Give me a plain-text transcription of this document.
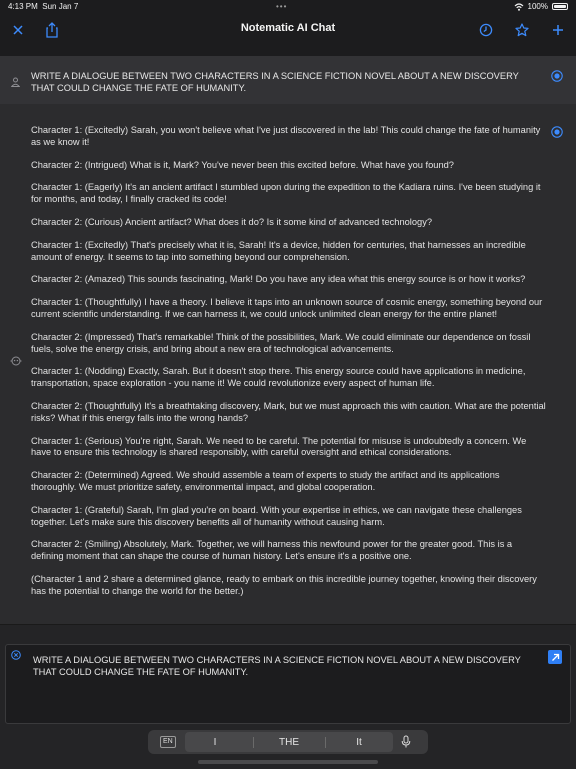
4:13 PM Sun Jan 7	•••	100%
Notematic AI Chat
WRITE A DIALOGUE BETWEEN TWO CHARACTERS IN A SCIENCE FICTION NOVEL ABOUT A NEW DISCOVERY THAT COULD CHANGE THE FATE OF HUMANITY.

Character 1: (Excitedly) Sarah, you won't believe what I've just discovered in the lab! This could change the fate of humanity as we know it!

Character 2: (Intrigued) What is it, Mark? You've never been this excited before. What have you found?

Character 1: (Eagerly) It's an ancient artifact I stumbled upon during the expedition to the Kadiara ruins. I've been studying it for months, and today, I finally cracked its code!

Character 2: (Curious) Ancient artifact? What does it do? Is it some kind of advanced technology?

Character 1: (Excitedly) That's precisely what it is, Sarah! It's a device, hidden for centuries, that harnesses an incredible amount of energy. It seems to tap into something beyond our comprehension.

Character 2: (Amazed) This sounds fascinating, Mark! Do you have any idea what this energy source is or how it works?

Character 1: (Thoughtfully) I have a theory. I believe it taps into an unknown source of cosmic energy, something beyond our current scientific understanding. If we can harness it, we could unlock unlimited clean energy for the entire planet!

Character 2: (Impressed) That's remarkable! Think of the possibilities, Mark. We could eliminate our dependence on fossil fuels, solve the energy crisis, and bring about a new era of technological advancements.

Character 1: (Nodding) Exactly, Sarah. But it doesn't stop there. This energy source could have applications in medicine, transportation, space exploration - you name it! We could revolutionize every aspect of human life.

Character 2: (Thoughtfully) It's a breathtaking discovery, Mark, but we must approach this with caution. What are the potential risks? What if this energy falls into the wrong hands?

Character 1: (Serious) You're right, Sarah. We need to be careful. The potential for misuse is undoubtedly a concern. We have to ensure this technology is shared responsibly, with careful oversight and ethical considerations.

Character 2: (Determined) Agreed. We should assemble a team of experts to study the artifact and its applications thoroughly. We must prioritize safety, environmental impact, and global cooperation.

Character 1: (Grateful) Sarah, I'm glad you're on board. With your expertise in ethics, we can navigate these challenges together. Let's make sure this discovery benefits all of humanity without causing harm.

Character 2: (Smiling) Absolutely, Mark. Together, we will harness this newfound power for the greater good. This is a defining moment that can shape the course of human history. Let's ensure it's a positive one.

(Character 1 and 2 share a determined glance, ready to embark on this incredible journey together, knowing their discovery has the potential to change the world for the better.)

WRITE A DIALOGUE BETWEEN TWO CHARACTERS IN A SCIENCE FICTION NOVEL ABOUT A NEW DISCOVERY THAT COULD CHANGE THE FATE OF HUMANITY.
EN	I	THE	It
